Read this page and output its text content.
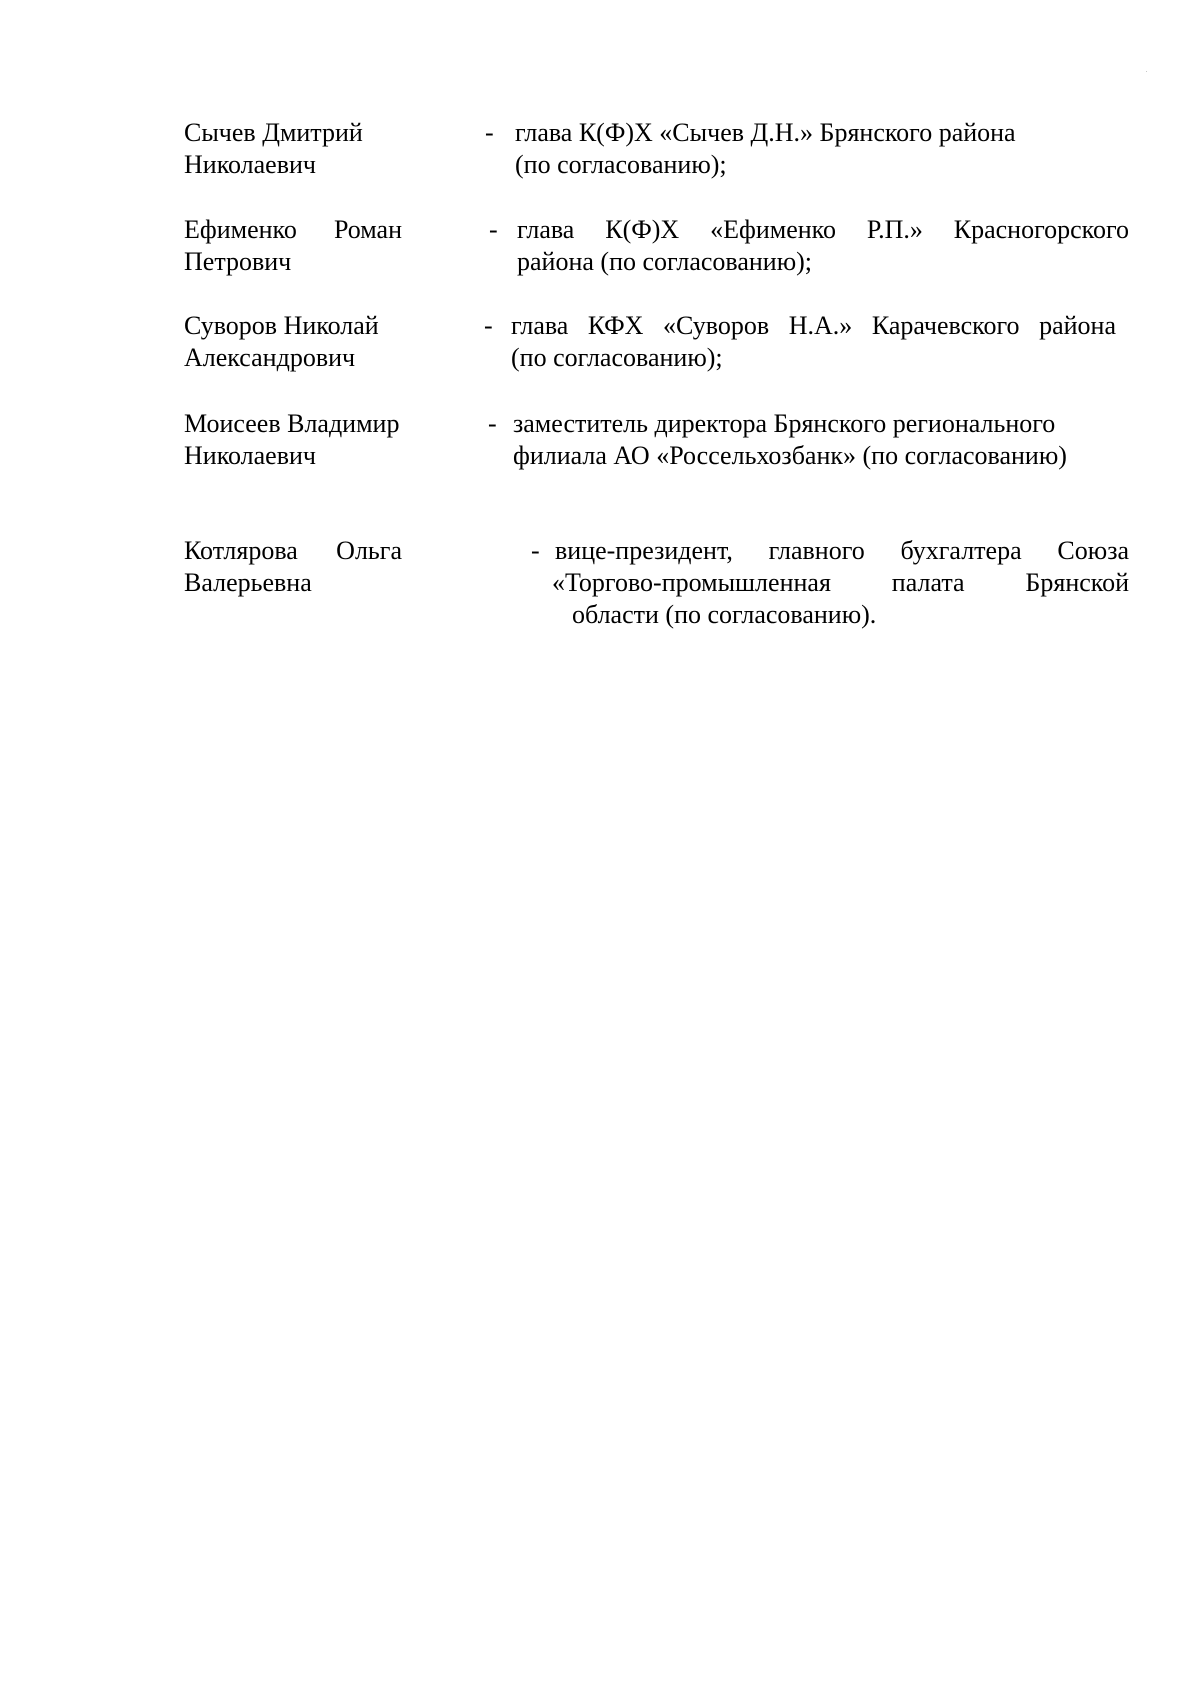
Сычев Дмитрий
Николаевич
- глава К(Ф)Х «Сычев Д.Н.» Брянского района
(по согласованию);
Ефименко Роман
Петрович
- глава К(Ф)Х «Ефименко Р.П.» Красногорского
района (по согласованию);
Суворов Николай
Александрович
- глава КФХ «Суворов Н.А.» Карачевского района
(по согласованию);
Моисеев Владимир
Николаевич
- заместитель директора Брянского регионального
филиала АО «Россельхозбанк» (по согласованию)
Котлярова Ольга
Валерьевна
- вице-президент, главного бухгалтера Союза
«Торгово-промышленная палата Брянской
области (по согласованию).
